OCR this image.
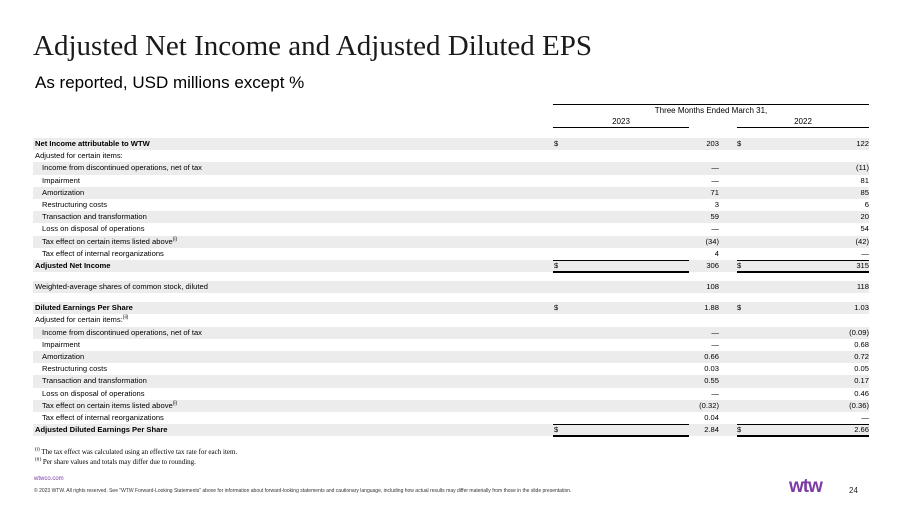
Adjusted Net Income and Adjusted Diluted EPS
As reported, USD millions except %
Three Months Ended March 31,
2023	2022
Net Income attributable to WTW	$	203 $	122
Adjusted for certain items:
Income from discontinued operations, net of tax	—	(11)
Impairment	—	81
Amortization	71	85
Restructuring costs	3	6
Transaction and transformation	59	20
Loss on disposal of operations	—	54
Tax effect on certain items listed above$^{(i)}$	(34)	(42)
Tax effect of internal reorganizations	4	—
Adjusted Net Income	$	306 $	315
Weighted-average shares of common stock, diluted	108	118
Diluted Earnings Per Share	$	1.88 $	1.03
Adjusted for certain items:$^{(ii)}$
Income from discontinued operations, net of tax	—	(0.09)
Impairment	—	0.68
Amortization	0.66	0.72
Restructuring costs	0.03	0.05
Transaction and transformation	0.55	0.17
Loss on disposal of operations	—	0.46
Tax effect on certain items listed above$^{(i)}$	(0.32)	(0.36)
Tax effect of internal reorganizations	0.04	—
Adjusted Diluted Earnings Per Share	$	2.84 $	2.66
$^{(i)}$ The tax effect was calculated using an effective tax rate for each item.
$^{(ii)}$ Per share values and totals may differ due to rounding.
wtwco.com
© 2023 WTW. All rights reserved. See "WTW Forward-Looking Statements" above for information about forward-looking statements and cautionary language, including how actual results may differ materially from those in the slide presentation.	wtw	24
